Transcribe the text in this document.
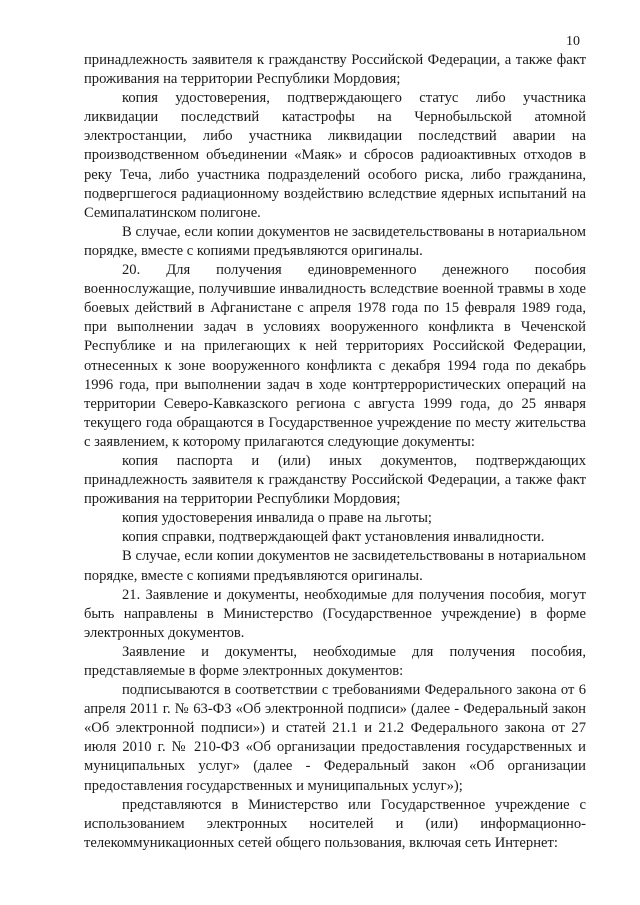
10

принадлежность заявителя к гражданству Российской Федерации, а также факт проживания на территории Республики Мордовия;

копия удостоверения, подтверждающего статус либо участника ликвидации последствий катастрофы на Чернобыльской атомной электростанции, либо участника ликвидации последствий аварии на производственном объединении «Маяк» и сбросов радиоактивных отходов в реку Теча, либо участника подразделений особого риска, либо гражданина, подвергшегося радиационному воздействию вследствие ядерных испытаний на Семипалатинском полигоне.

В случае, если копии документов не засвидетельствованы в нотариальном порядке, вместе с копиями предъявляются оригиналы.

20. Для получения единовременного денежного пособия военнослужащие, получившие инвалидность вследствие военной травмы в ходе боевых действий в Афганистане с апреля 1978 года по 15 февраля 1989 года, при выполнении задач в условиях вооруженного конфликта в Чеченской Республике и на прилегающих к ней территориях Российской Федерации, отнесенных к зоне вооруженного конфликта с декабря 1994 года по декабрь 1996 года, при выполнении задач в ходе контртеррористических операций на территории Северо-Кавказского региона с августа 1999 года, до 25 января текущего года обращаются в Государственное учреждение по месту жительства с заявлением, к которому прилагаются следующие документы:

копия паспорта и (или) иных документов, подтверждающих принадлежность заявителя к гражданству Российской Федерации, а также факт проживания на территории Республики Мордовия;

копия удостоверения инвалида о праве на льготы;

копия справки, подтверждающей факт установления инвалидности.

В случае, если копии документов не засвидетельствованы в нотариальном порядке, вместе с копиями предъявляются оригиналы.

21. Заявление и документы, необходимые для получения пособия, могут быть направлены в Министерство (Государственное учреждение) в форме электронных документов.

Заявление и документы, необходимые для получения пособия, представляемые в форме электронных документов:

подписываются в соответствии с требованиями Федерального закона от 6 апреля 2011 г. № 63-ФЗ «Об электронной подписи» (далее - Федеральный закон «Об электронной подписи») и статей 21.1 и 21.2 Федерального закона от 27 июля 2010 г. № 210-ФЗ «Об организации предоставления государственных и муниципальных услуг» (далее - Федеральный закон «Об организации предоставления государственных и муниципальных услуг»);

представляются в Министерство или Государственное учреждение с использованием электронных носителей и (или) информационно-телекоммуникационных сетей общего пользования, включая сеть Интернет:
